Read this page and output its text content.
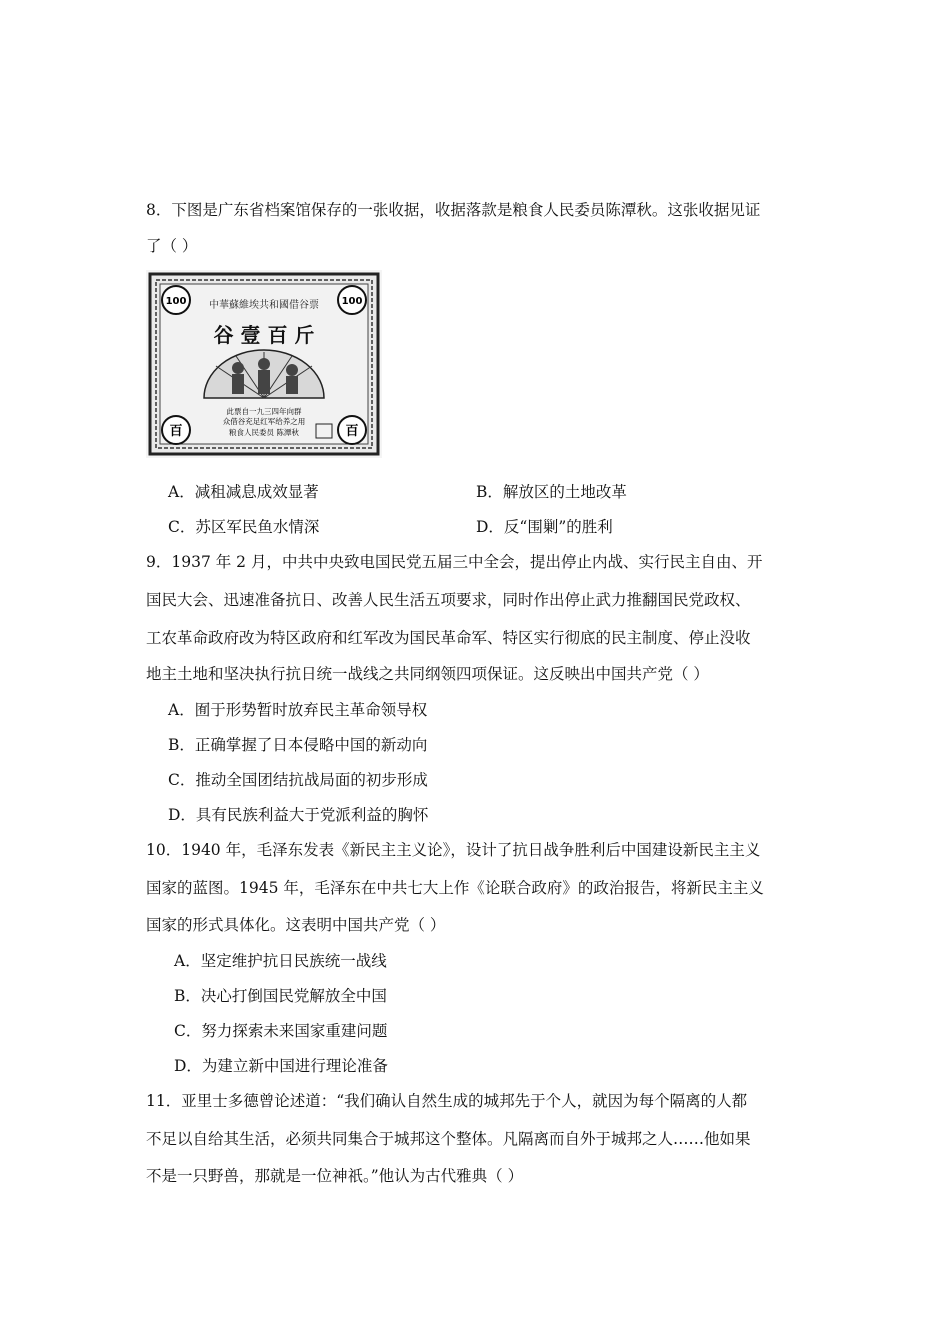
8．下图是广东省档案馆保存的一张收据，收据落款是粮食人民委员陈潭秋。这张收据见证
了（ ）
100	100
百	百
中華蘇維埃共和國借谷票
谷 壹 百 斤
此票自一九三四年向群
众借谷充足红军给养之用
粮食人民委员 陈潭秋
A．减租减息成效显著	B．解放区的土地改革
C．苏区军民鱼水情深	D．反“围剿”的胜利
9．1937 年 2 月，中共中央致电国民党五届三中全会，提出停止内战、实行民主自由、开
国民大会、迅速准备抗日、改善人民生活五项要求，同时作出停止武力推翻国民党政权、
工农革命政府改为特区政府和红军改为国民革命军、特区实行彻底的民主制度、停止没收
地主土地和坚决执行抗日统一战线之共同纲领四项保证。这反映出中国共产党（ ）
A．囿于形势暂时放弃民主革命领导权
B．正确掌握了日本侵略中国的新动向
C．推动全国团结抗战局面的初步形成
D．具有民族利益大于党派利益的胸怀
10．1940 年，毛泽东发表《新民主主义论》，设计了抗日战争胜利后中国建设新民主主义
国家的蓝图。1945 年，毛泽东在中共七大上作《论联合政府》的政治报告，将新民主主义
国家的形式具体化。这表明中国共产党（ ）
A．坚定维护抗日民族统一战线
B．决心打倒国民党解放全中国
C．努力探索未来国家重建问题
D．为建立新中国进行理论准备
11．亚里士多德曾论述道：“我们确认自然生成的城邦先于个人，就因为每个隔离的人都
不足以自给其生活，必须共同集合于城邦这个整体。凡隔离而自外于城邦之人……他如果
不是一只野兽，那就是一位神祇。”他认为古代雅典（ ）
